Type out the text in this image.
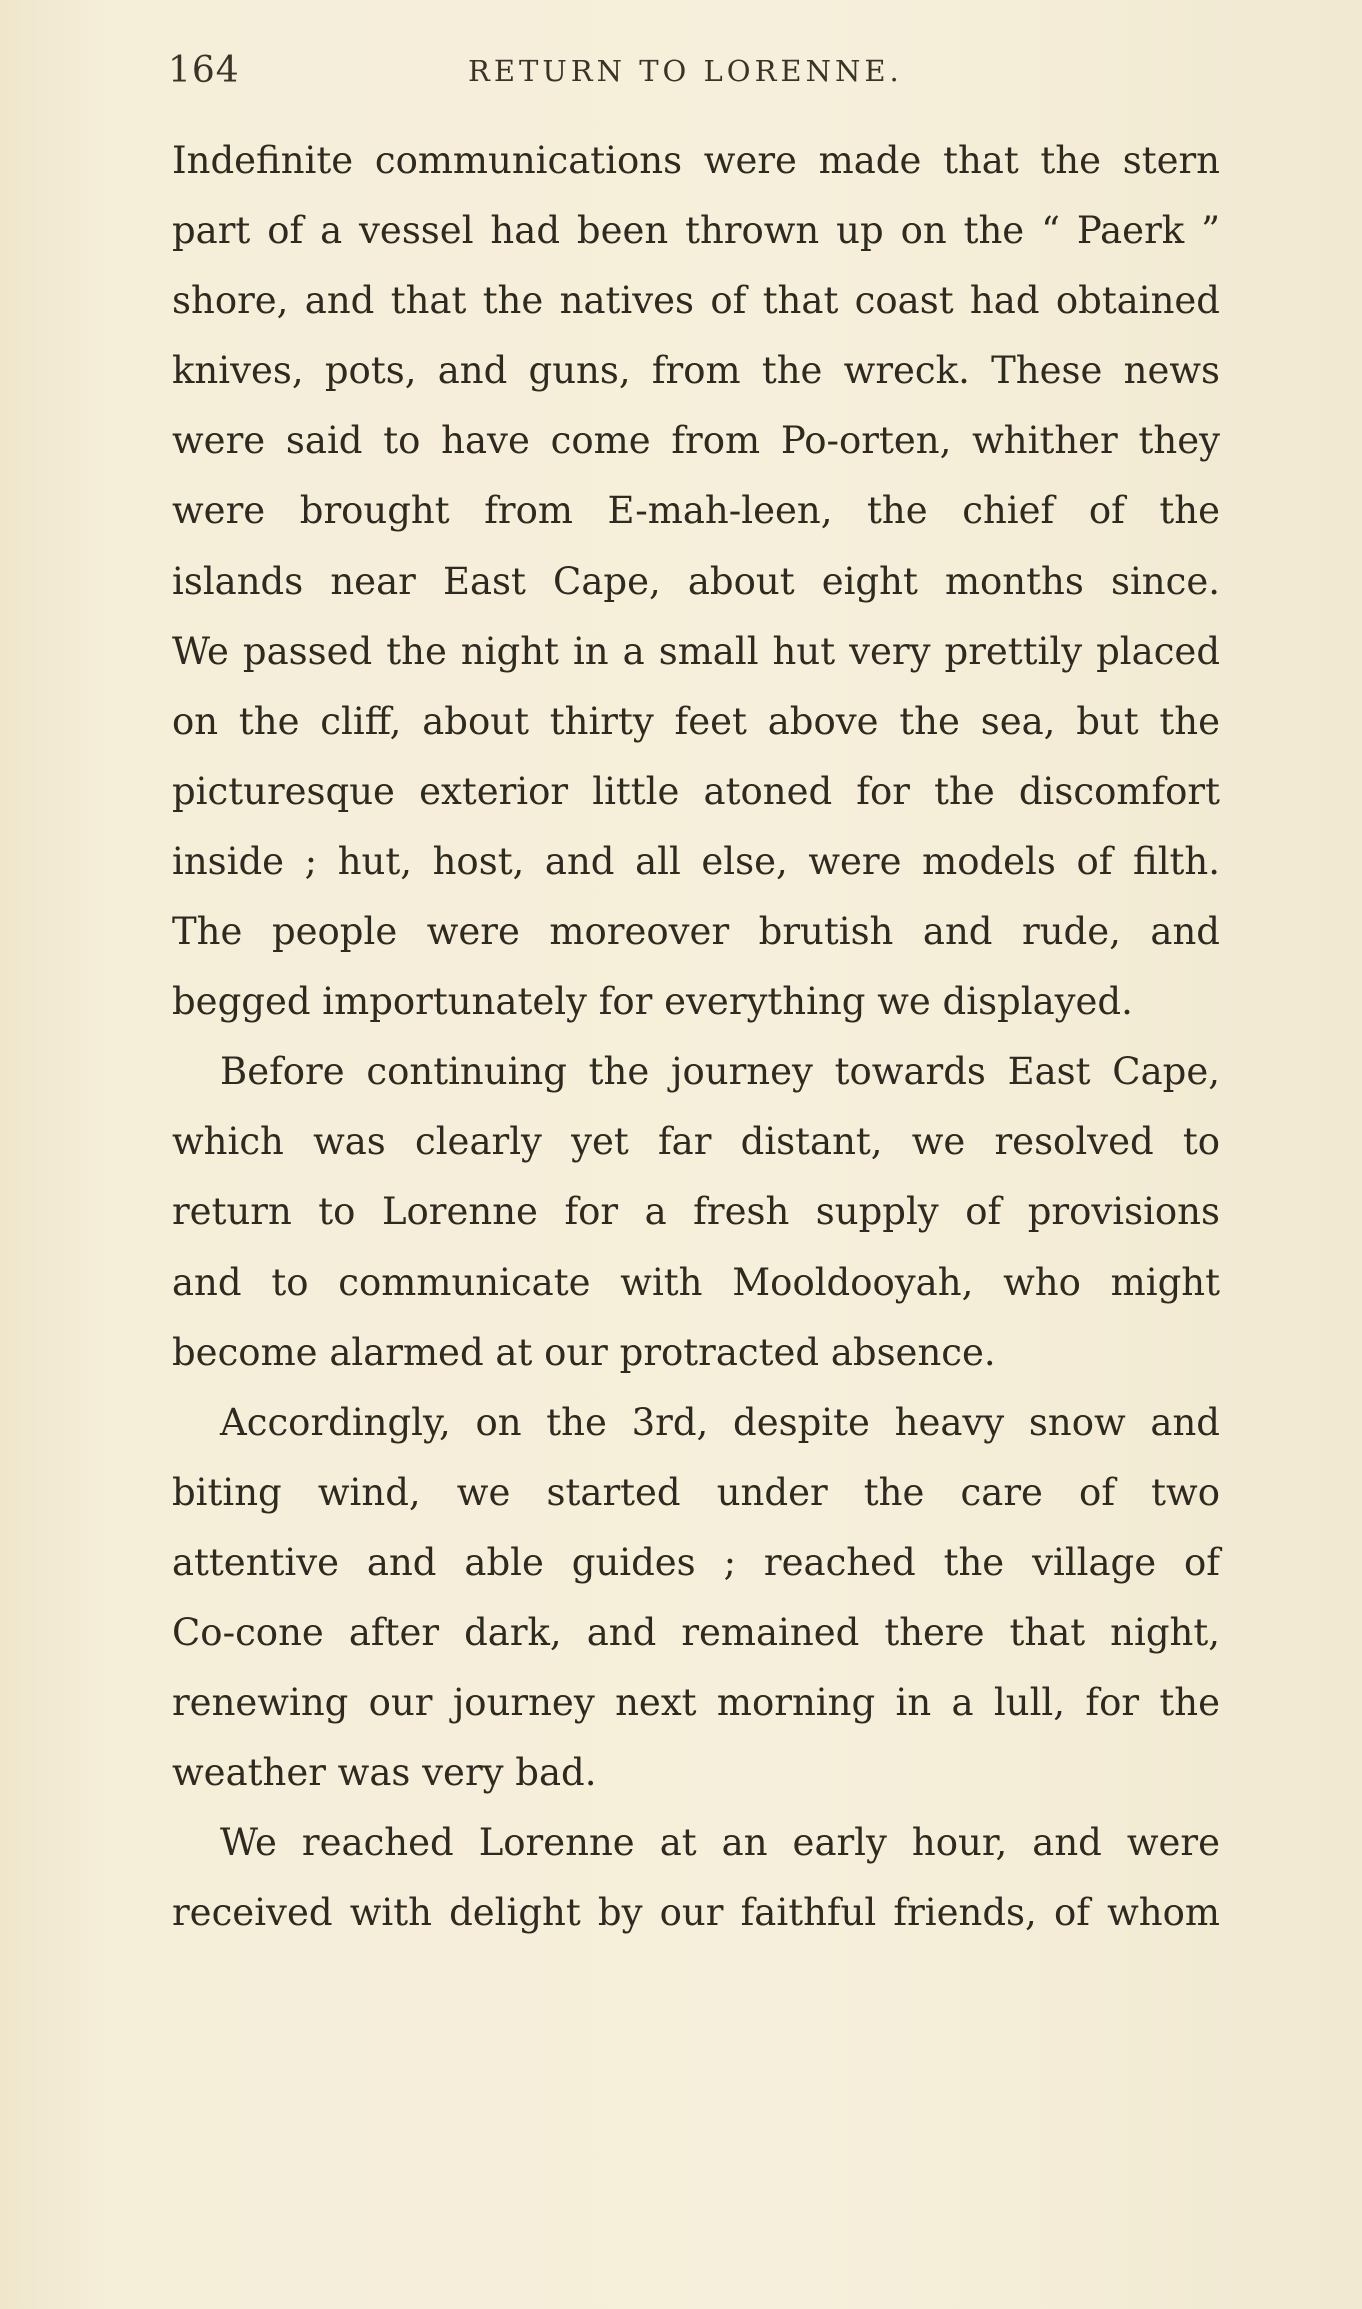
164	RETURN TO LORENNE.
Indefinite communications were made that the stern
part of a vessel had been thrown up on the “ Paerk ”
shore, and that the natives of that coast had obtained
knives, pots, and guns, from the wreck. These news
were said to have come from Po-orten, whither they
were brought from E-mah-leen, the chief of the
islands near East Cape, about eight months since.
We passed the night in a small hut very prettily placed
on the cliff, about thirty feet above the sea, but the
picturesque exterior little atoned for the discomfort
inside ; hut, host, and all else, were models of filth.
The people were moreover brutish and rude, and
begged importunately for everything we displayed.
Before continuing the journey towards East Cape,
which was clearly yet far distant, we resolved to
return to Lorenne for a fresh supply of provisions
and to communicate with Mooldooyah, who might
become alarmed at our protracted absence.
Accordingly, on the 3rd, despite heavy snow and
biting wind, we started under the care of two
attentive and able guides ; reached the village of
Co-cone after dark, and remained there that night,
renewing our journey next morning in a lull, for the
weather was very bad.
We reached Lorenne at an early hour, and were
received with delight by our faithful friends, of whom
